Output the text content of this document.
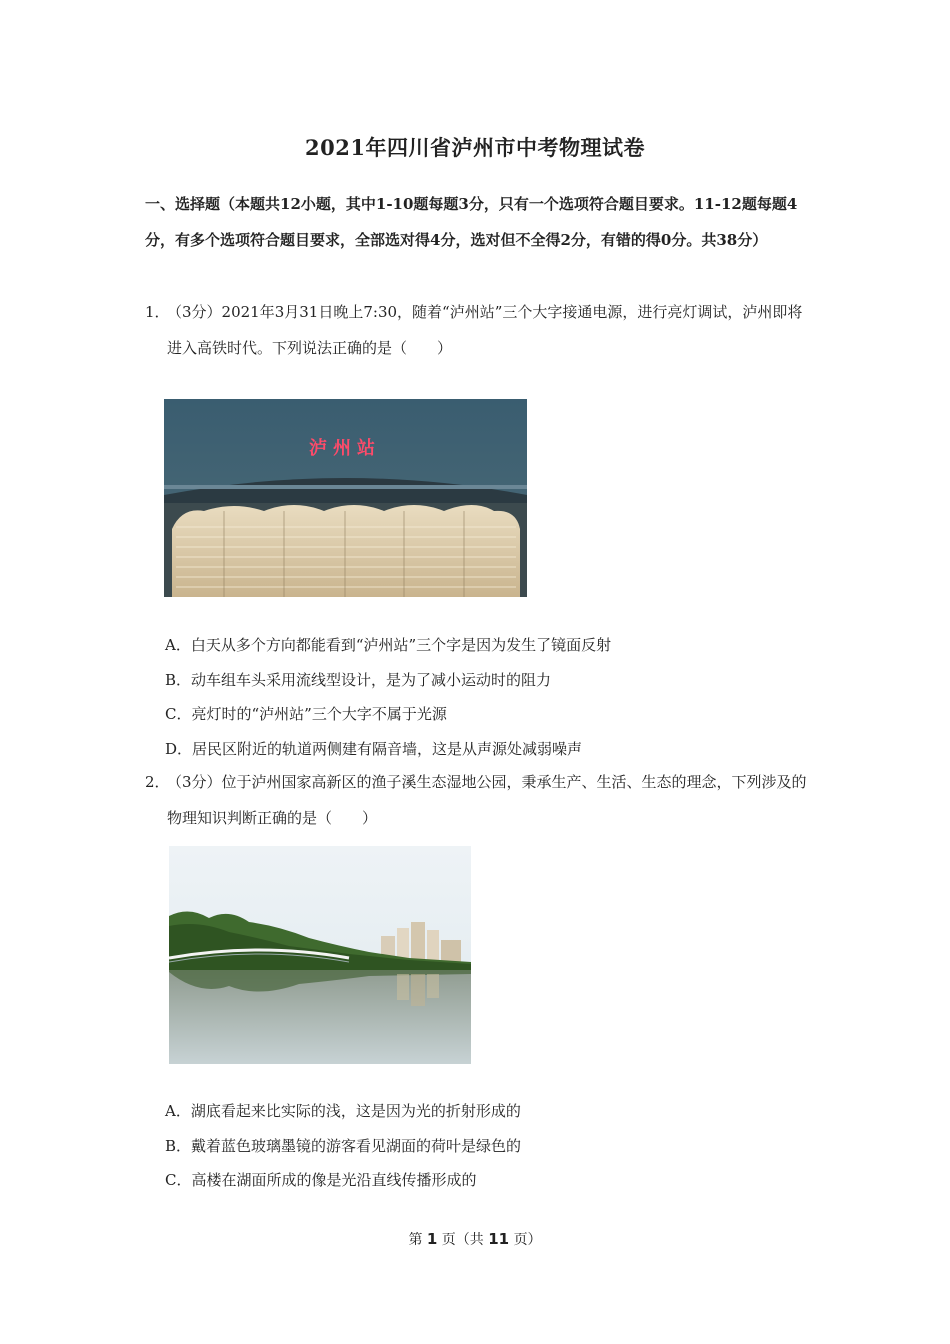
2021年四川省泸州市中考物理试卷
一、选择题（本题共12小题，其中1-10题每题3分，只有一个选项符合题目要求。11-12题每题4分，有多个选项符合题目要求，全部选对得4分，选对但不全得2分，有错的得0分。共38分）
1．
（3分）2021年3月31日晚上7:30，随着“泸州站”三个大字接通电源，进行亮灯调试，泸州即将进入高铁时代。下列说法正确的是（　　）
泸州站
A．白天从多个方向都能看到“泸州站”三个字是因为发生了镜面反射
B．动车组车头采用流线型设计，是为了减小运动时的阻力
C．亮灯时的“泸州站”三个大字不属于光源
D．居民区附近的轨道两侧建有隔音墙，这是从声源处减弱噪声
2．
（3分）位于泸州国家高新区的渔子溪生态湿地公园，秉承生产、生活、生态的理念，下列涉及的物理知识判断正确的是（　　）
A．湖底看起来比实际的浅，这是因为光的折射形成的
B．戴着蓝色玻璃墨镜的游客看见湖面的荷叶是绿色的
C．高楼在湖面所成的像是光沿直线传播形成的
第 1 页（共 11 页）
